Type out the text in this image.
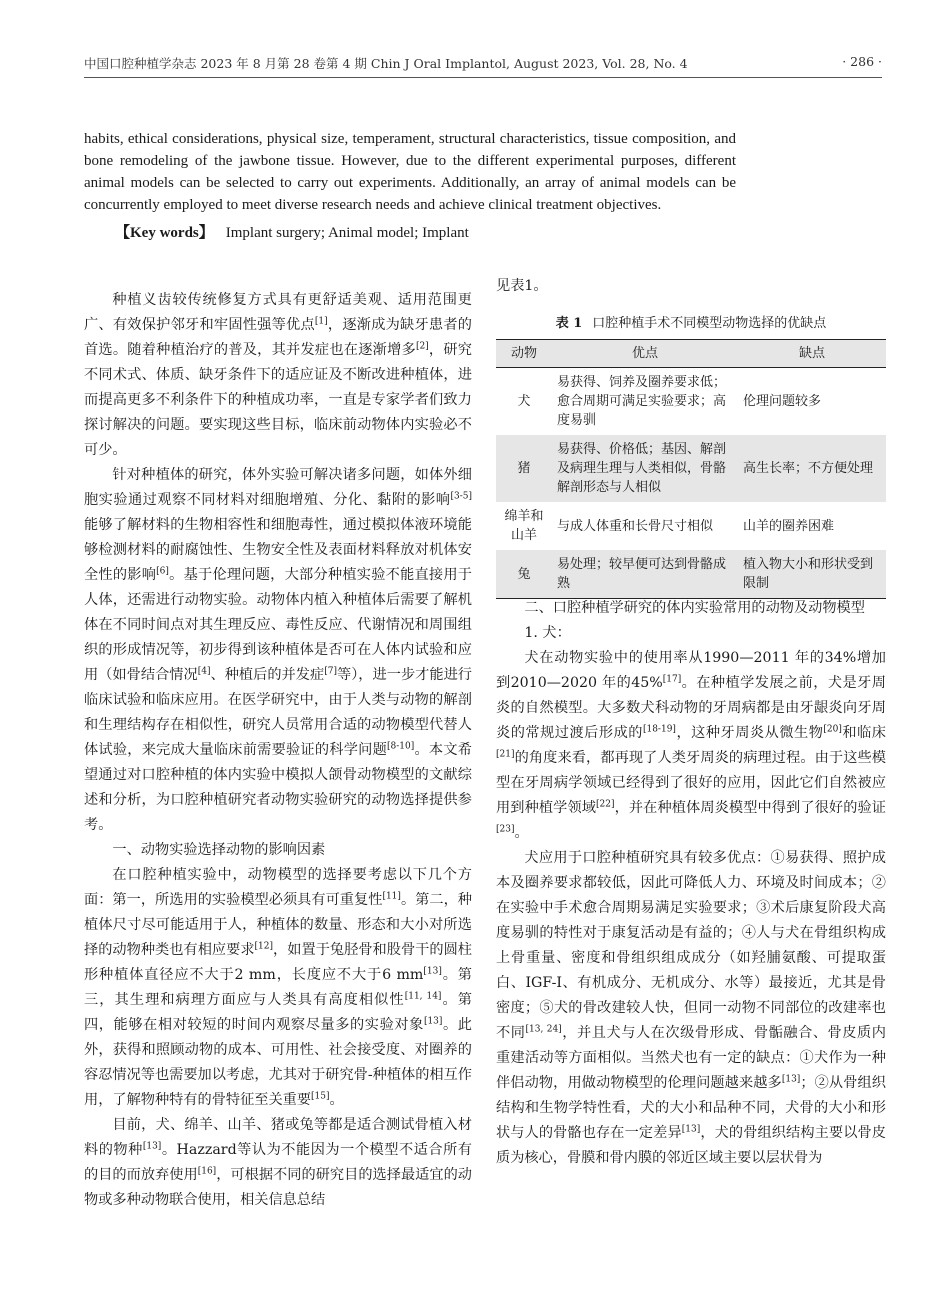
中国口腔种植学杂志 2023 年 8 月第 28 卷第 4 期 Chin J Oral Implantol, August 2023, Vol. 28, No. 4	· 286 ·
habits, ethical considerations, physical size, temperament, structural characteristics, tissue composition, and bone remodeling of the jawbone tissue. However, due to the different experimental purposes, different animal models can be selected to carry out experiments. Additionally, an array of animal models can be concurrently employed to meet diverse research needs and achieve clinical treatment objectives.
【Key words】 Implant surgery; Animal model; Implant

种植义齿较传统修复方式具有更舒适美观、适用范围更广、有效保护邻牙和牢固性强等优点[1]，逐渐成为缺牙患者的首选。随着种植治疗的普及，其并发症也在逐渐增多[2]，研究不同术式、体质、缺牙条件下的适应证及不断改进种植体，进而提高更多不利条件下的种植成功率，一直是专家学者们致力探讨解决的问题。要实现这些目标，临床前动物体内实验必不可少。

针对种植体的研究，体外实验可解决诸多问题，如体外细胞实验通过观察不同材料对细胞增殖、分化、黏附的影响[3-5]能够了解材料的生物相容性和细胞毒性，通过模拟体液环境能够检测材料的耐腐蚀性、生物安全性及表面材料释放对机体安全性的影响[6]。基于伦理问题，大部分种植实验不能直接用于人体，还需进行动物实验。动物体内植入种植体后需要了解机体在不同时间点对其生理反应、毒性反应、代谢情况和周围组织的形成情况等，初步得到该种植体是否可在人体内试验和应用（如骨结合情况[4]、种植后的并发症[7]等），进一步才能进行临床试验和临床应用。在医学研究中，由于人类与动物的解剖和生理结构存在相似性，研究人员常用合适的动物模型代替人体试验，来完成大量临床前需要验证的科学问题[8-10]。本文希望通过对口腔种植的体内实验中模拟人颌骨动物模型的文献综述和分析，为口腔种植研究者动物实验研究的动物选择提供参考。

一、动物实验选择动物的影响因素

在口腔种植实验中，动物模型的选择要考虑以下几个方面：第一，所选用的实验模型必须具有可重复性[11]。第二，种植体尺寸尽可能适用于人，种植体的数量、形态和大小对所选择的动物种类也有相应要求[12]，如置于兔胫骨和股骨干的圆柱形种植体直径应不大于2 mm，长度应不大于6 mm[13]。第三，其生理和病理方面应与人类具有高度相似性[11, 14]。第四，能够在相对较短的时间内观察尽量多的实验对象[13]。此外，获得和照顾动物的成本、可用性、社会接受度、对圈养的容忍情况等也需要加以考虑，尤其对于研究骨-种植体的相互作用，了解物种特有的骨特征至关重要[15]。

目前，犬、绵羊、山羊、猪或兔等都是适合测试骨植入材料的物种[13]。Hazzard等认为不能因为一个模型不适合所有的目的而放弃使用[16]，可根据不同的研究目的选择最适宜的动物或多种动物联合使用，相关信息总结

见表1。
表 1 口腔种植手术不同模型动物选择的优缺点
动物	优点	缺点
犬	易获得、饲养及圈养要求低；愈合周期可满足实验要求；高度易驯	伦理问题较多
猪	易获得、价格低；基因、解剖及病理生理与人类相似，骨骼解剖形态与人相似	高生长率；不方便处理
绵羊和山羊	与成人体重和长骨尺寸相似	山羊的圈养困难
兔	易处理；较早便可达到骨骼成熟	植入物大小和形状受到限制

二、口腔种植学研究的体内实验常用的动物及动物模型

1. 犬：

犬在动物实验中的使用率从1990—2011 年的34%增加到2010—2020 年的45%[17]。在种植学发展之前，犬是牙周炎的自然模型。大多数犬科动物的牙周病都是由牙龈炎向牙周炎的常规过渡后形成的[18-19]，这种牙周炎从微生物[20]和临床[21]的角度来看，都再现了人类牙周炎的病理过程。由于这些模型在牙周病学领域已经得到了很好的应用，因此它们自然被应用到种植学领域[22]，并在种植体周炎模型中得到了很好的验证[23]。

犬应用于口腔种植研究具有较多优点：①易获得、照护成本及圈养要求都较低，因此可降低人力、环境及时间成本；②在实验中手术愈合周期易满足实验要求；③术后康复阶段犬高度易驯的特性对于康复活动是有益的；④人与犬在骨组织构成上骨重量、密度和骨组织组成成分（如羟脯氨酸、可提取蛋白、IGF-I、有机成分、无机成分、水等）最接近，尤其是骨密度；⑤犬的骨改建较人快，但同一动物不同部位的改建率也不同[13, 24]，并且犬与人在次级骨形成、骨骺融合、骨皮质内重建活动等方面相似。当然犬也有一定的缺点：①犬作为一种伴侣动物，用做动物模型的伦理问题越来越多[13]；②从骨组织结构和生物学特性看，犬的大小和品种不同，犬骨的大小和形状与人的骨骼也存在一定差异[13]，犬的骨组织结构主要以骨皮质为核心，骨膜和骨内膜的邻近区域主要以层状骨为
